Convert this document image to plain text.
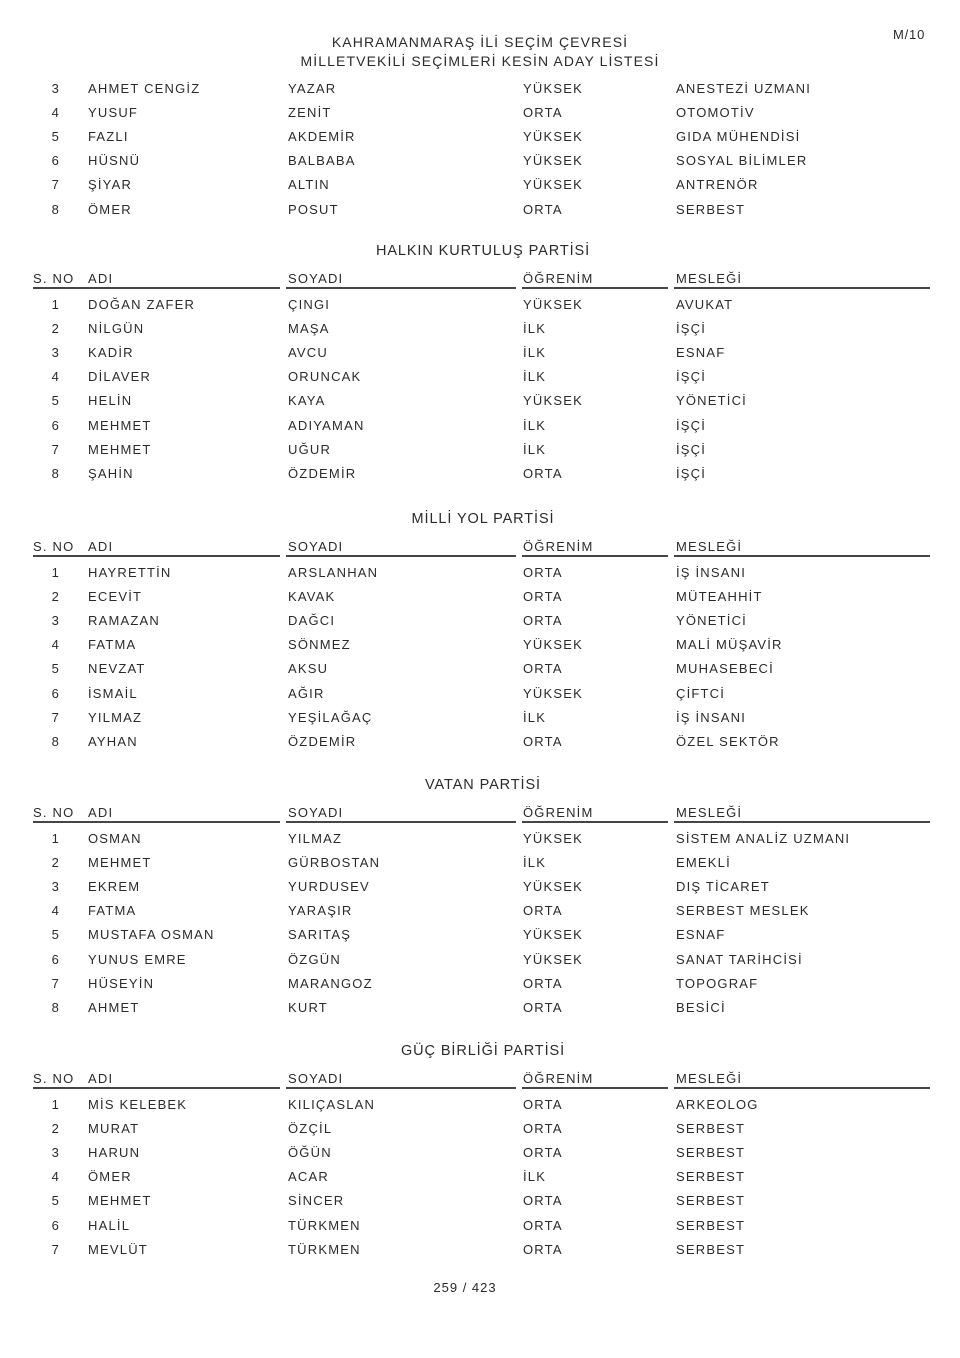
KAHRAMANMARAŞ İLİ SEÇİM ÇEVRESİ
MİLLETVEKİLİ SEÇİMLERİ KESİN ADAY LİSTESİ
M/10
3	AHMET CENGİZ	YAZAR	YÜKSEK	ANESTEZİ UZMANI
4	YUSUF	ZENİT	ORTA	OTOMOTİV
5	FAZLI	AKDEMİR	YÜKSEK	GIDA MÜHENDİSİ
6	HÜSNÜ	BALBABA	YÜKSEK	SOSYAL BİLİMLER
7	ŞİYAR	ALTIN	YÜKSEK	ANTRENÖR
8	ÖMER	POSUT	ORTA	SERBEST
HALKIN KURTULUŞ PARTİSİ
S. NO	ADI	SOYADI	ÖĞRENİM	MESLEĞİ
1	DOĞAN ZAFER	ÇINGI	YÜKSEK	AVUKAT
2	NİLGÜN	MAŞA	İLK	İŞÇİ
3	KADİR	AVCU	İLK	ESNAF
4	DİLAVER	ORUNCAK	İLK	İŞÇİ
5	HELİN	KAYA	YÜKSEK	YÖNETİCİ
6	MEHMET	ADIYAMAN	İLK	İŞÇİ
7	MEHMET	UĞUR	İLK	İŞÇİ
8	ŞAHİN	ÖZDEMİR	ORTA	İŞÇİ
MİLLİ YOL PARTİSİ
S. NO	ADI	SOYADI	ÖĞRENİM	MESLEĞİ
1	HAYRETTİN	ARSLANHAN	ORTA	İŞ İNSANI
2	ECEVİT	KAVAK	ORTA	MÜTEAHHİT
3	RAMAZAN	DAĞCI	ORTA	YÖNETİCİ
4	FATMA	SÖNMEZ	YÜKSEK	MALİ MÜŞAVİR
5	NEVZAT	AKSU	ORTA	MUHASEBECİ
6	İSMAİL	AĞIR	YÜKSEK	ÇİFTCİ
7	YILMAZ	YEŞİLAĞAÇ	İLK	İŞ İNSANI
8	AYHAN	ÖZDEMİR	ORTA	ÖZEL SEKTÖR
VATAN PARTİSİ
S. NO	ADI	SOYADI	ÖĞRENİM	MESLEĞİ
1	OSMAN	YILMAZ	YÜKSEK	SİSTEM ANALİZ UZMANI
2	MEHMET	GÜRBOSTAN	İLK	EMEKLİ
3	EKREM	YURDUSEV	YÜKSEK	DIŞ TİCARET
4	FATMA	YARAŞIR	ORTA	SERBEST MESLEK
5	MUSTAFA OSMAN	SARITAŞ	YÜKSEK	ESNAF
6	YUNUS EMRE	ÖZGÜN	YÜKSEK	SANAT TARİHCİSİ
7	HÜSEYİN	MARANGOZ	ORTA	TOPOGRAF
8	AHMET	KURT	ORTA	BESİCİ
GÜÇ BİRLİĞİ PARTİSİ
S. NO	ADI	SOYADI	ÖĞRENİM	MESLEĞİ
1	MİS KELEBEK	KILIÇASLAN	ORTA	ARKEOLOG
2	MURAT	ÖZÇİL	ORTA	SERBEST
3	HARUN	ÖĞÜN	ORTA	SERBEST
4	ÖMER	ACAR	İLK	SERBEST
5	MEHMET	SİNCER	ORTA	SERBEST
6	HALİL	TÜRKMEN	ORTA	SERBEST
7	MEVLÜT	TÜRKMEN	ORTA	SERBEST
259 / 423
